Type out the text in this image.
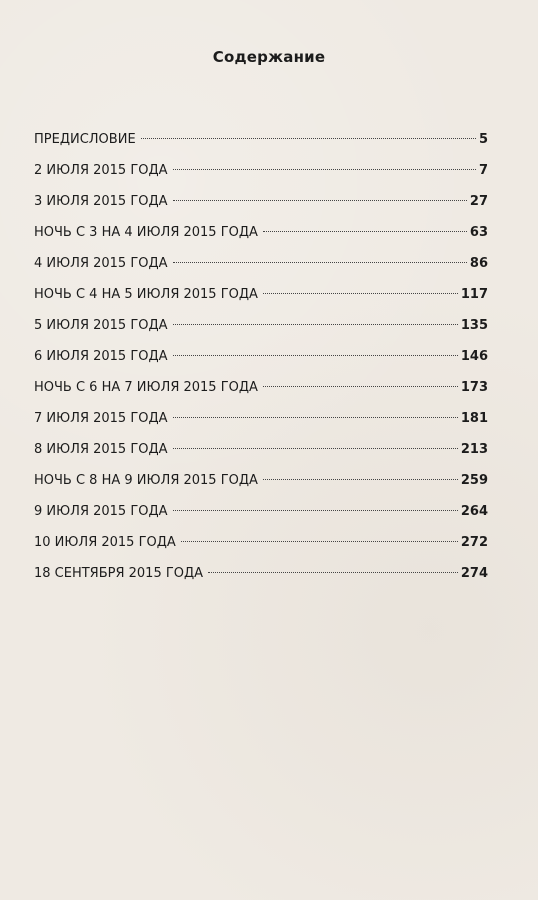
Содержание
ПРЕДИСЛОВИЕ	5
2 ИЮЛЯ 2015 ГОДА	7
3 ИЮЛЯ 2015 ГОДА	27
НОЧЬ С 3 НА 4 ИЮЛЯ 2015 ГОДА	63
4 ИЮЛЯ 2015 ГОДА	86
НОЧЬ С 4 НА 5 ИЮЛЯ 2015 ГОДА	117
5 ИЮЛЯ 2015 ГОДА	135
6 ИЮЛЯ 2015 ГОДА	146
НОЧЬ С 6 НА 7 ИЮЛЯ 2015 ГОДА	173
7 ИЮЛЯ 2015 ГОДА	181
8 ИЮЛЯ 2015 ГОДА	213
НОЧЬ С 8 НА 9 ИЮЛЯ 2015 ГОДА	259
9 ИЮЛЯ 2015 ГОДА	264
10 ИЮЛЯ 2015 ГОДА	272
18 СЕНТЯБРЯ 2015 ГОДА	274
